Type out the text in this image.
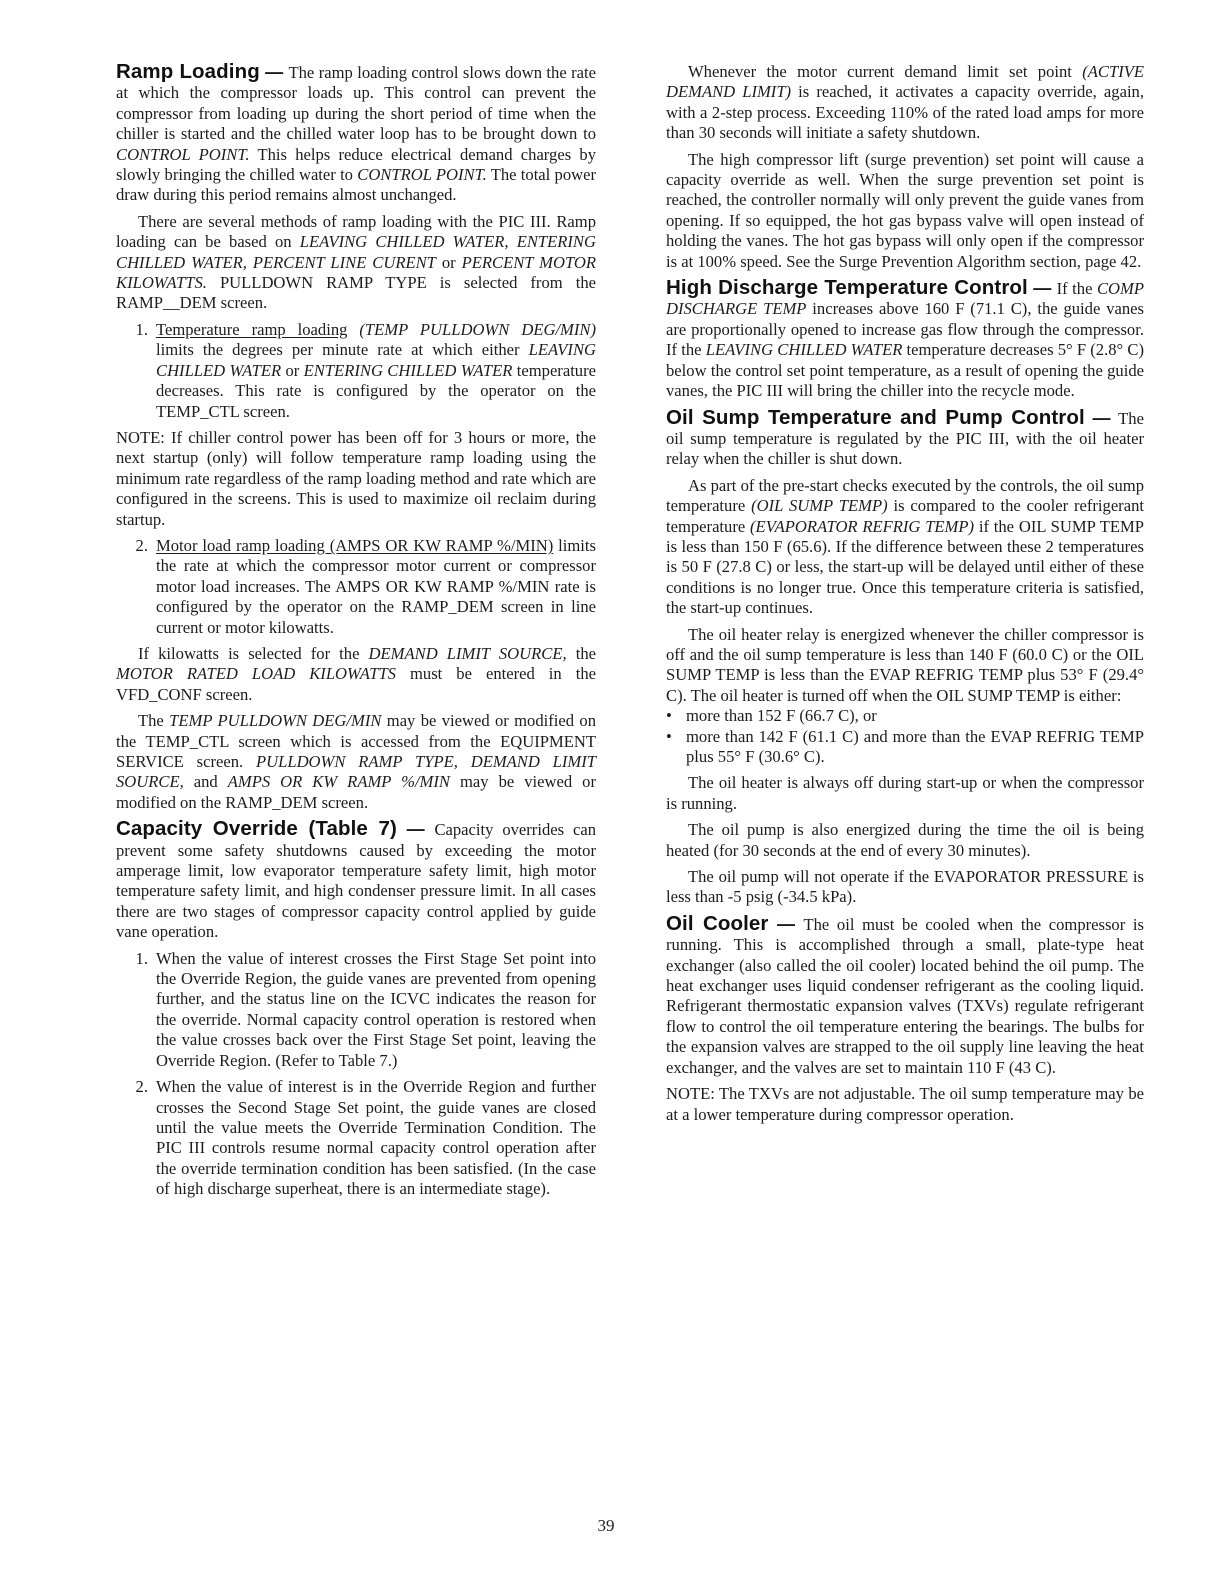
Ramp Loading — The ramp loading control slows down the rate at which the compressor loads up. This control can prevent the compressor from loading up during the short period of time when the chiller is started and the chilled water loop has to be brought down to CONTROL POINT. This helps reduce electrical demand charges by slowly bringing the chilled water to CONTROL POINT. The total power draw during this period remains almost unchanged.

There are several methods of ramp loading with the PIC III. Ramp loading can be based on LEAVING CHILLED WATER, ENTERING CHILLED WATER, PERCENT LINE CURENT or PERCENT MOTOR KILOWATTS. PULLDOWN RAMP TYPE is selected from the RAMP__DEM screen.

1. Temperature ramp loading (TEMP PULLDOWN DEG/MIN) limits the degrees per minute rate at which either LEAVING CHILLED WATER or ENTERING CHILLED WATER temperature decreases. This rate is configured by the operator on the TEMP_CTL screen.

NOTE: If chiller control power has been off for 3 hours or more, the next startup (only) will follow temperature ramp loading using the minimum rate regardless of the ramp loading method and rate which are configured in the screens. This is used to maximize oil reclaim during startup.

2. Motor load ramp loading (AMPS OR KW RAMP %/MIN) limits the rate at which the compressor motor current or compressor motor load increases. The AMPS OR KW RAMP %/MIN rate is configured by the operator on the RAMP_DEM screen in line current or motor kilowatts.

If kilowatts is selected for the DEMAND LIMIT SOURCE, the MOTOR RATED LOAD KILOWATTS must be entered in the VFD_CONF screen.

The TEMP PULLDOWN DEG/MIN may be viewed or modified on the TEMP_CTL screen which is accessed from the EQUIPMENT SERVICE screen. PULLDOWN RAMP TYPE, DEMAND LIMIT SOURCE, and AMPS OR KW RAMP %/MIN may be viewed or modified on the RAMP_DEM screen.

Capacity Override (Table 7) — Capacity overrides can prevent some safety shutdowns caused by exceeding the motor amperage limit, low evaporator temperature safety limit, high motor temperature safety limit, and high condenser pressure limit. In all cases there are two stages of compressor capacity control applied by guide vane operation.

1. When the value of interest crosses the First Stage Set point into the Override Region, the guide vanes are prevented from opening further, and the status line on the ICVC indicates the reason for the override. Normal capacity control operation is restored when the value crosses back over the First Stage Set point, leaving the Override Region. (Refer to Table 7.)
2. When the value of interest is in the Override Region and further crosses the Second Stage Set point, the guide vanes are closed until the value meets the Override Termination Condition. The PIC III controls resume normal capacity control operation after the override termination condition has been satisfied. (In the case of high discharge superheat, there is an intermediate stage).

Whenever the motor current demand limit set point (ACTIVE DEMAND LIMIT) is reached, it activates a capacity override, again, with a 2-step process. Exceeding 110% of the rated load amps for more than 30 seconds will initiate a safety shutdown.

The high compressor lift (surge prevention) set point will cause a capacity override as well. When the surge prevention set point is reached, the controller normally will only prevent the guide vanes from opening. If so equipped, the hot gas bypass valve will open instead of holding the vanes. The hot gas bypass will only open if the compressor is at 100% speed. See the Surge Prevention Algorithm section, page 42.

High Discharge Temperature Control — If the COMP DISCHARGE TEMP increases above 160 F (71.1 C), the guide vanes are proportionally opened to increase gas flow through the compressor. If the LEAVING CHILLED WATER temperature decreases 5° F (2.8° C) below the control set point temperature, as a result of opening the guide vanes, the PIC III will bring the chiller into the recycle mode.

Oil Sump Temperature and Pump Control — The oil sump temperature is regulated by the PIC III, with the oil heater relay when the chiller is shut down.

As part of the pre-start checks executed by the controls, the oil sump temperature (OIL SUMP TEMP) is compared to the cooler refrigerant temperature (EVAPORATOR REFRIG TEMP) if the OIL SUMP TEMP is less than 150 F (65.6). If the difference between these 2 temperatures is 50 F (27.8 C) or less, the start-up will be delayed until either of these conditions is no longer true. Once this temperature criteria is satisfied, the start-up continues.

The oil heater relay is energized whenever the chiller compressor is off and the oil sump temperature is less than 140 F (60.0 C) or the OIL SUMP TEMP is less than the EVAP REFRIG TEMP plus 53° F (29.4° C). The oil heater is turned off when the OIL SUMP TEMP is either:

• more than 152 F (66.7 C), or
• more than 142 F (61.1 C) and more than the EVAP REFRIG TEMP plus 55° F (30.6° C).

The oil heater is always off during start-up or when the compressor is running.

The oil pump is also energized during the time the oil is being heated (for 30 seconds at the end of every 30 minutes).

The oil pump will not operate if the EVAPORATOR PRESSURE is less than -5 psig (-34.5 kPa).

Oil Cooler — The oil must be cooled when the compressor is running. This is accomplished through a small, plate-type heat exchanger (also called the oil cooler) located behind the oil pump. The heat exchanger uses liquid condenser refrigerant as the cooling liquid. Refrigerant thermostatic expansion valves (TXVs) regulate refrigerant flow to control the oil temperature entering the bearings. The bulbs for the expansion valves are strapped to the oil supply line leaving the heat exchanger, and the valves are set to maintain 110 F (43 C).

NOTE: The TXVs are not adjustable. The oil sump temperature may be at a lower temperature during compressor operation.

39
